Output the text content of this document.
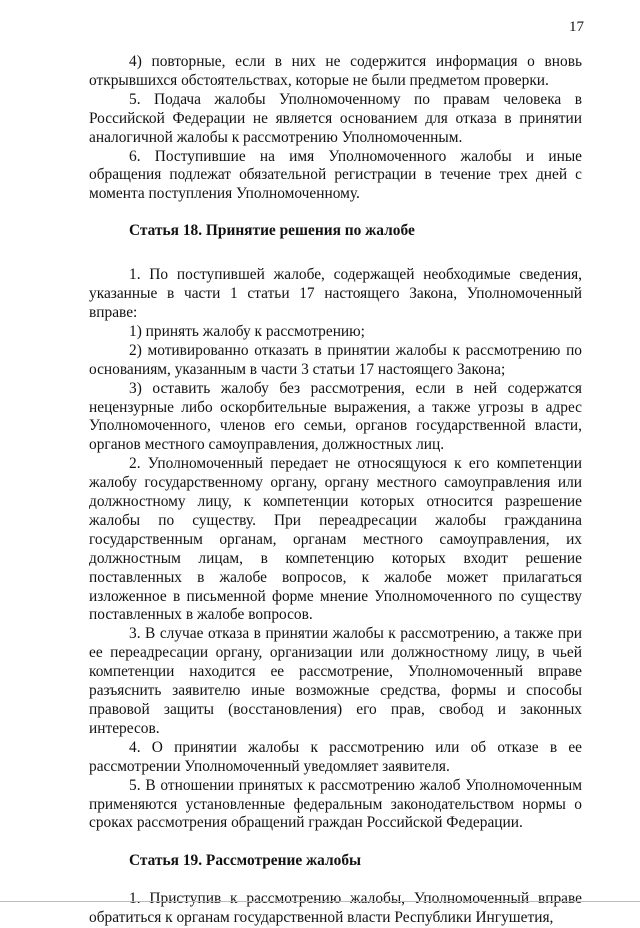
17

4) повторные, если в них не содержится информация о вновь открывшихся обстоятельствах, которые не были предметом проверки.

5. Подача жалобы Уполномоченному по правам человека в Российской Федерации не является основанием для отказа в принятии аналогичной жалобы к рассмотрению Уполномоченным.

6. Поступившие на имя Уполномоченного жалобы и иные обращения подлежат обязательной регистрации в течение трех дней с момента поступления Уполномоченному.

Статья 18. Принятие решения по жалобе

1. По поступившей жалобе, содержащей необходимые сведения, указанные в части 1 статьи 17 настоящего Закона, Уполномоченный вправе:

1) принять жалобу к рассмотрению;

2) мотивированно отказать в принятии жалобы к рассмотрению по основаниям, указанным в части 3 статьи 17 настоящего Закона;

3) оставить жалобу без рассмотрения, если в ней содержатся нецензурные либо оскорбительные выражения, а также угрозы в адрес Уполномоченного, членов его семьи, органов государственной власти, органов местного самоуправления, должностных лиц.

2. Уполномоченный передает не относящуюся к его компетенции жалобу государственному органу, органу местного самоуправления или должностному лицу, к компетенции которых относится разрешение жалобы по существу. При переадресации жалобы гражданина государственным органам, органам местного самоуправления, их должностным лицам, в компетенцию которых входит решение поставленных в жалобе вопросов, к жалобе может прилагаться изложенное в письменной форме мнение Уполномоченного по существу поставленных в жалобе вопросов.

3. В случае отказа в принятии жалобы к рассмотрению, а также при ее переадресации органу, организации или должностному лицу, в чьей компетенции находится ее рассмотрение, Уполномоченный вправе разъяснить заявителю иные возможные средства, формы и способы правовой защиты (восстановления) его прав, свобод и законных интересов.

4. О принятии жалобы к рассмотрению или об отказе в ее рассмотрении Уполномоченный уведомляет заявителя.

5. В отношении принятых к рассмотрению жалоб Уполномоченным применяются установленные федеральным законодательством нормы о сроках рассмотрения обращений граждан Российской Федерации.

Статья 19. Рассмотрение жалобы

1. Приступив к рассмотрению жалобы, Уполномоченный вправе обратиться к органам государственной власти Республики Ингушетия,
